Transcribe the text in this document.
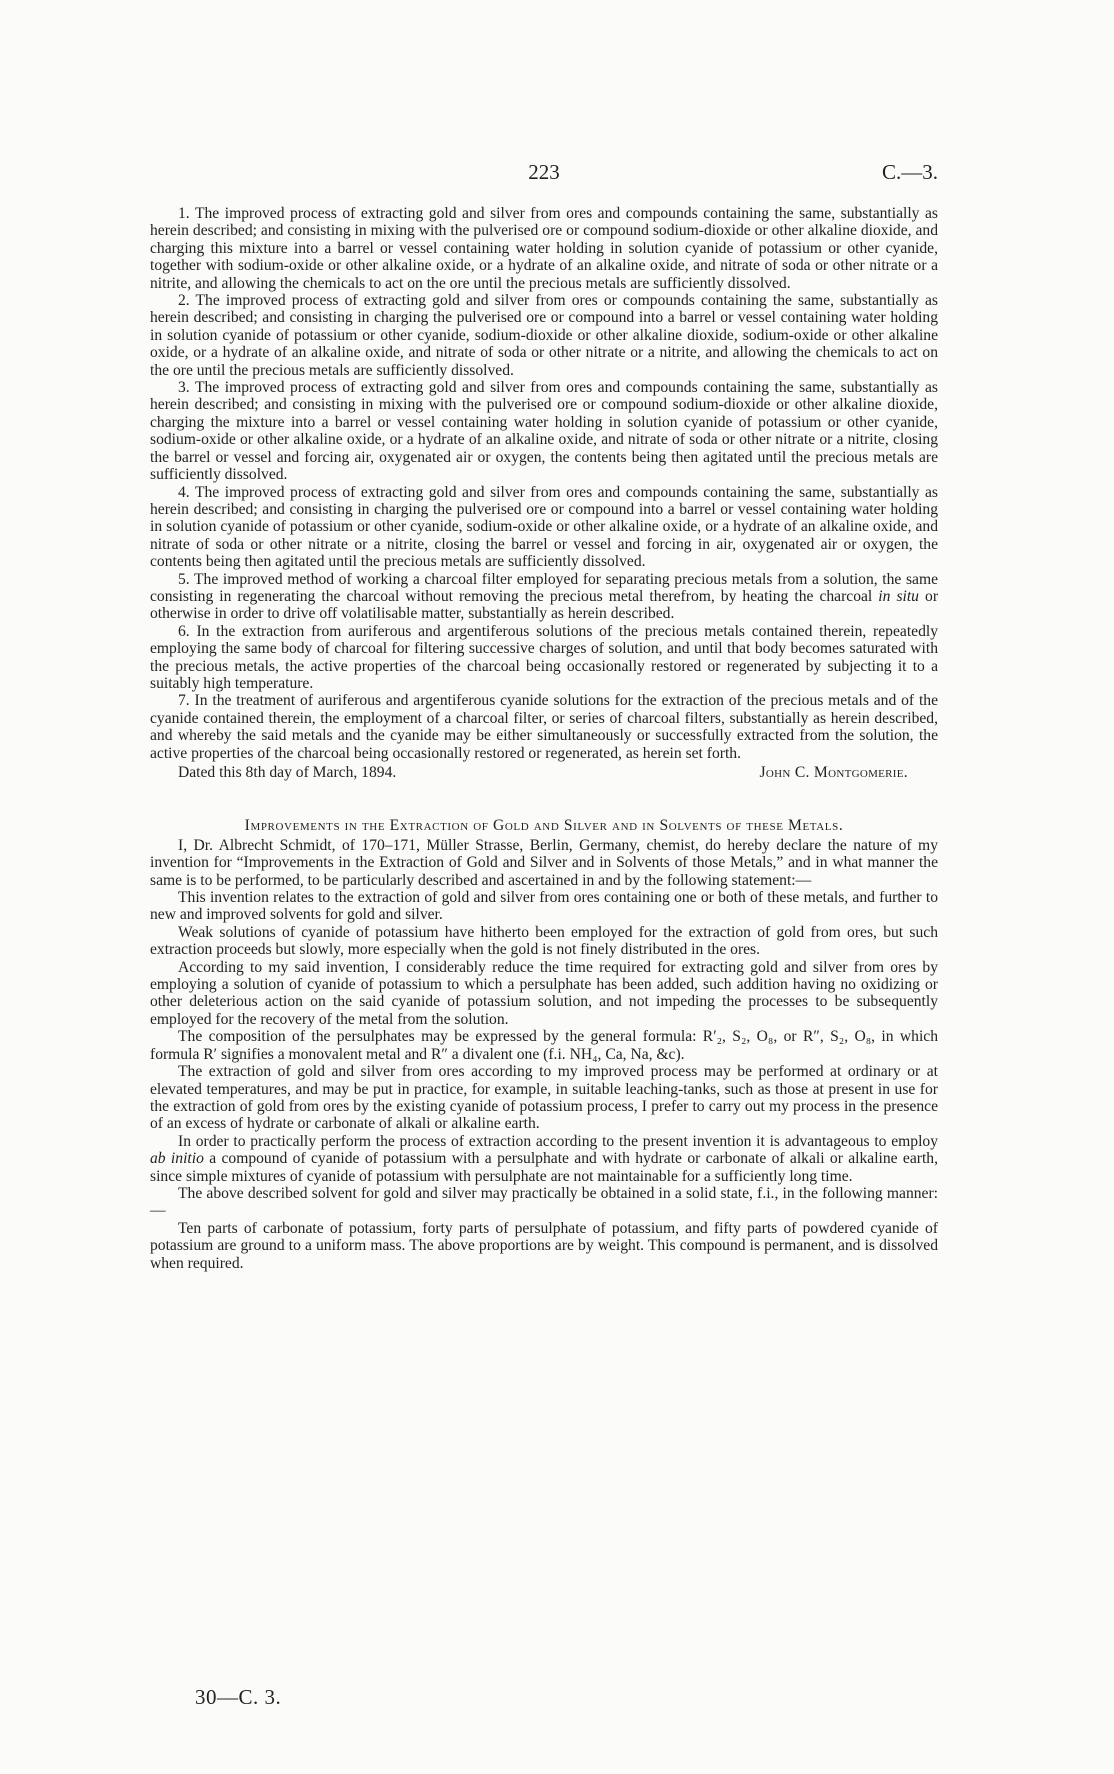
223	C.—3.

1. The improved process of extracting gold and silver from ores and compounds containing the same, substantially as herein described; and consisting in mixing with the pulverised ore or compound sodium-dioxide or other alkaline dioxide, and charging this mixture into a barrel or vessel containing water holding in solution cyanide of potassium or other cyanide, together with sodium-oxide or other alkaline oxide, or a hydrate of an alkaline oxide, and nitrate of soda or other nitrate or a nitrite, and allowing the chemicals to act on the ore until the precious metals are sufficiently dissolved.

2. The improved process of extracting gold and silver from ores or compounds containing the same, substantially as herein described; and consisting in charging the pulverised ore or compound into a barrel or vessel containing water holding in solution cyanide of potassium or other cyanide, sodium-dioxide or other alkaline dioxide, sodium-oxide or other alkaline oxide, or a hydrate of an alkaline oxide, and nitrate of soda or other nitrate or a nitrite, and allowing the chemicals to act on the ore until the precious metals are sufficiently dissolved.

3. The improved process of extracting gold and silver from ores and compounds containing the same, substantially as herein described; and consisting in mixing with the pulverised ore or compound sodium-dioxide or other alkaline dioxide, charging the mixture into a barrel or vessel containing water holding in solution cyanide of potassium or other cyanide, sodium-oxide or other alkaline oxide, or a hydrate of an alkaline oxide, and nitrate of soda or other nitrate or a nitrite, closing the barrel or vessel and forcing air, oxygenated air or oxygen, the contents being then agitated until the precious metals are sufficiently dissolved.

4. The improved process of extracting gold and silver from ores and compounds containing the same, substantially as herein described; and consisting in charging the pulverised ore or compound into a barrel or vessel containing water holding in solution cyanide of potassium or other cyanide, sodium-oxide or other alkaline oxide, or a hydrate of an alkaline oxide, and nitrate of soda or other nitrate or a nitrite, closing the barrel or vessel and forcing in air, oxygenated air or oxygen, the contents being then agitated until the precious metals are sufficiently dissolved.

5. The improved method of working a charcoal filter employed for separating precious metals from a solution, the same consisting in regenerating the charcoal without removing the precious metal therefrom, by heating the charcoal in situ or otherwise in order to drive off volatilisable matter, substantially as herein described.

6. In the extraction from auriferous and argentiferous solutions of the precious metals contained therein, repeatedly employing the same body of charcoal for filtering successive charges of solution, and until that body becomes saturated with the precious metals, the active properties of the charcoal being occasionally restored or regenerated by subjecting it to a suitably high temperature.

7. In the treatment of auriferous and argentiferous cyanide solutions for the extraction of the precious metals and of the cyanide contained therein, the employment of a charcoal filter, or series of charcoal filters, substantially as herein described, and whereby the said metals and the cyanide may be either simultaneously or successfully extracted from the solution, the active properties of the charcoal being occasionally restored or regenerated, as herein set forth.

Dated this 8th day of March, 1894.	John C. Montgomerie.
Improvements in the Extraction of Gold and Silver and in Solvents of these Metals.

I, Dr. Albrecht Schmidt, of 170–171, Müller Strasse, Berlin, Germany, chemist, do hereby declare the nature of my invention for “Improvements in the Extraction of Gold and Silver and in Solvents of those Metals,” and in what manner the same is to be performed, to be particularly described and ascertained in and by the following statement:—

This invention relates to the extraction of gold and silver from ores containing one or both of these metals, and further to new and improved solvents for gold and silver.

Weak solutions of cyanide of potassium have hitherto been employed for the extraction of gold from ores, but such extraction proceeds but slowly, more especially when the gold is not finely distributed in the ores.

According to my said invention, I considerably reduce the time required for extracting gold and silver from ores by employing a solution of cyanide of potassium to which a persulphate has been added, such addition having no oxidizing or other deleterious action on the said cyanide of potassium solution, and not impeding the processes to be subsequently employed for the recovery of the metal from the solution.

The composition of the persulphates may be expressed by the general formula: R′₂, S₂, O₈, or R″, S₂, O₈, in which formula R′ signifies a monovalent metal and R″ a divalent one (f.i. NH₄, Ca, Na, &c).

The extraction of gold and silver from ores according to my improved process may be performed at ordinary or at elevated temperatures, and may be put in practice, for example, in suitable leaching-tanks, such as those at present in use for the extraction of gold from ores by the existing cyanide of potassium process, I prefer to carry out my process in the presence of an excess of hydrate or carbonate of alkali or alkaline earth.

In order to practically perform the process of extraction according to the present invention it is advantageous to employ ab initio a compound of cyanide of potassium with a persulphate and with hydrate or carbonate of alkali or alkaline earth, since simple mixtures of cyanide of potassium with persulphate are not maintainable for a sufficiently long time.

The above described solvent for gold and silver may practically be obtained in a solid state, f.i., in the following manner:—

Ten parts of carbonate of potassium, forty parts of persulphate of potassium, and fifty parts of powdered cyanide of potassium are ground to a uniform mass. The above proportions are by weight. This compound is permanent, and is dissolved when required.

30—C. 3.
